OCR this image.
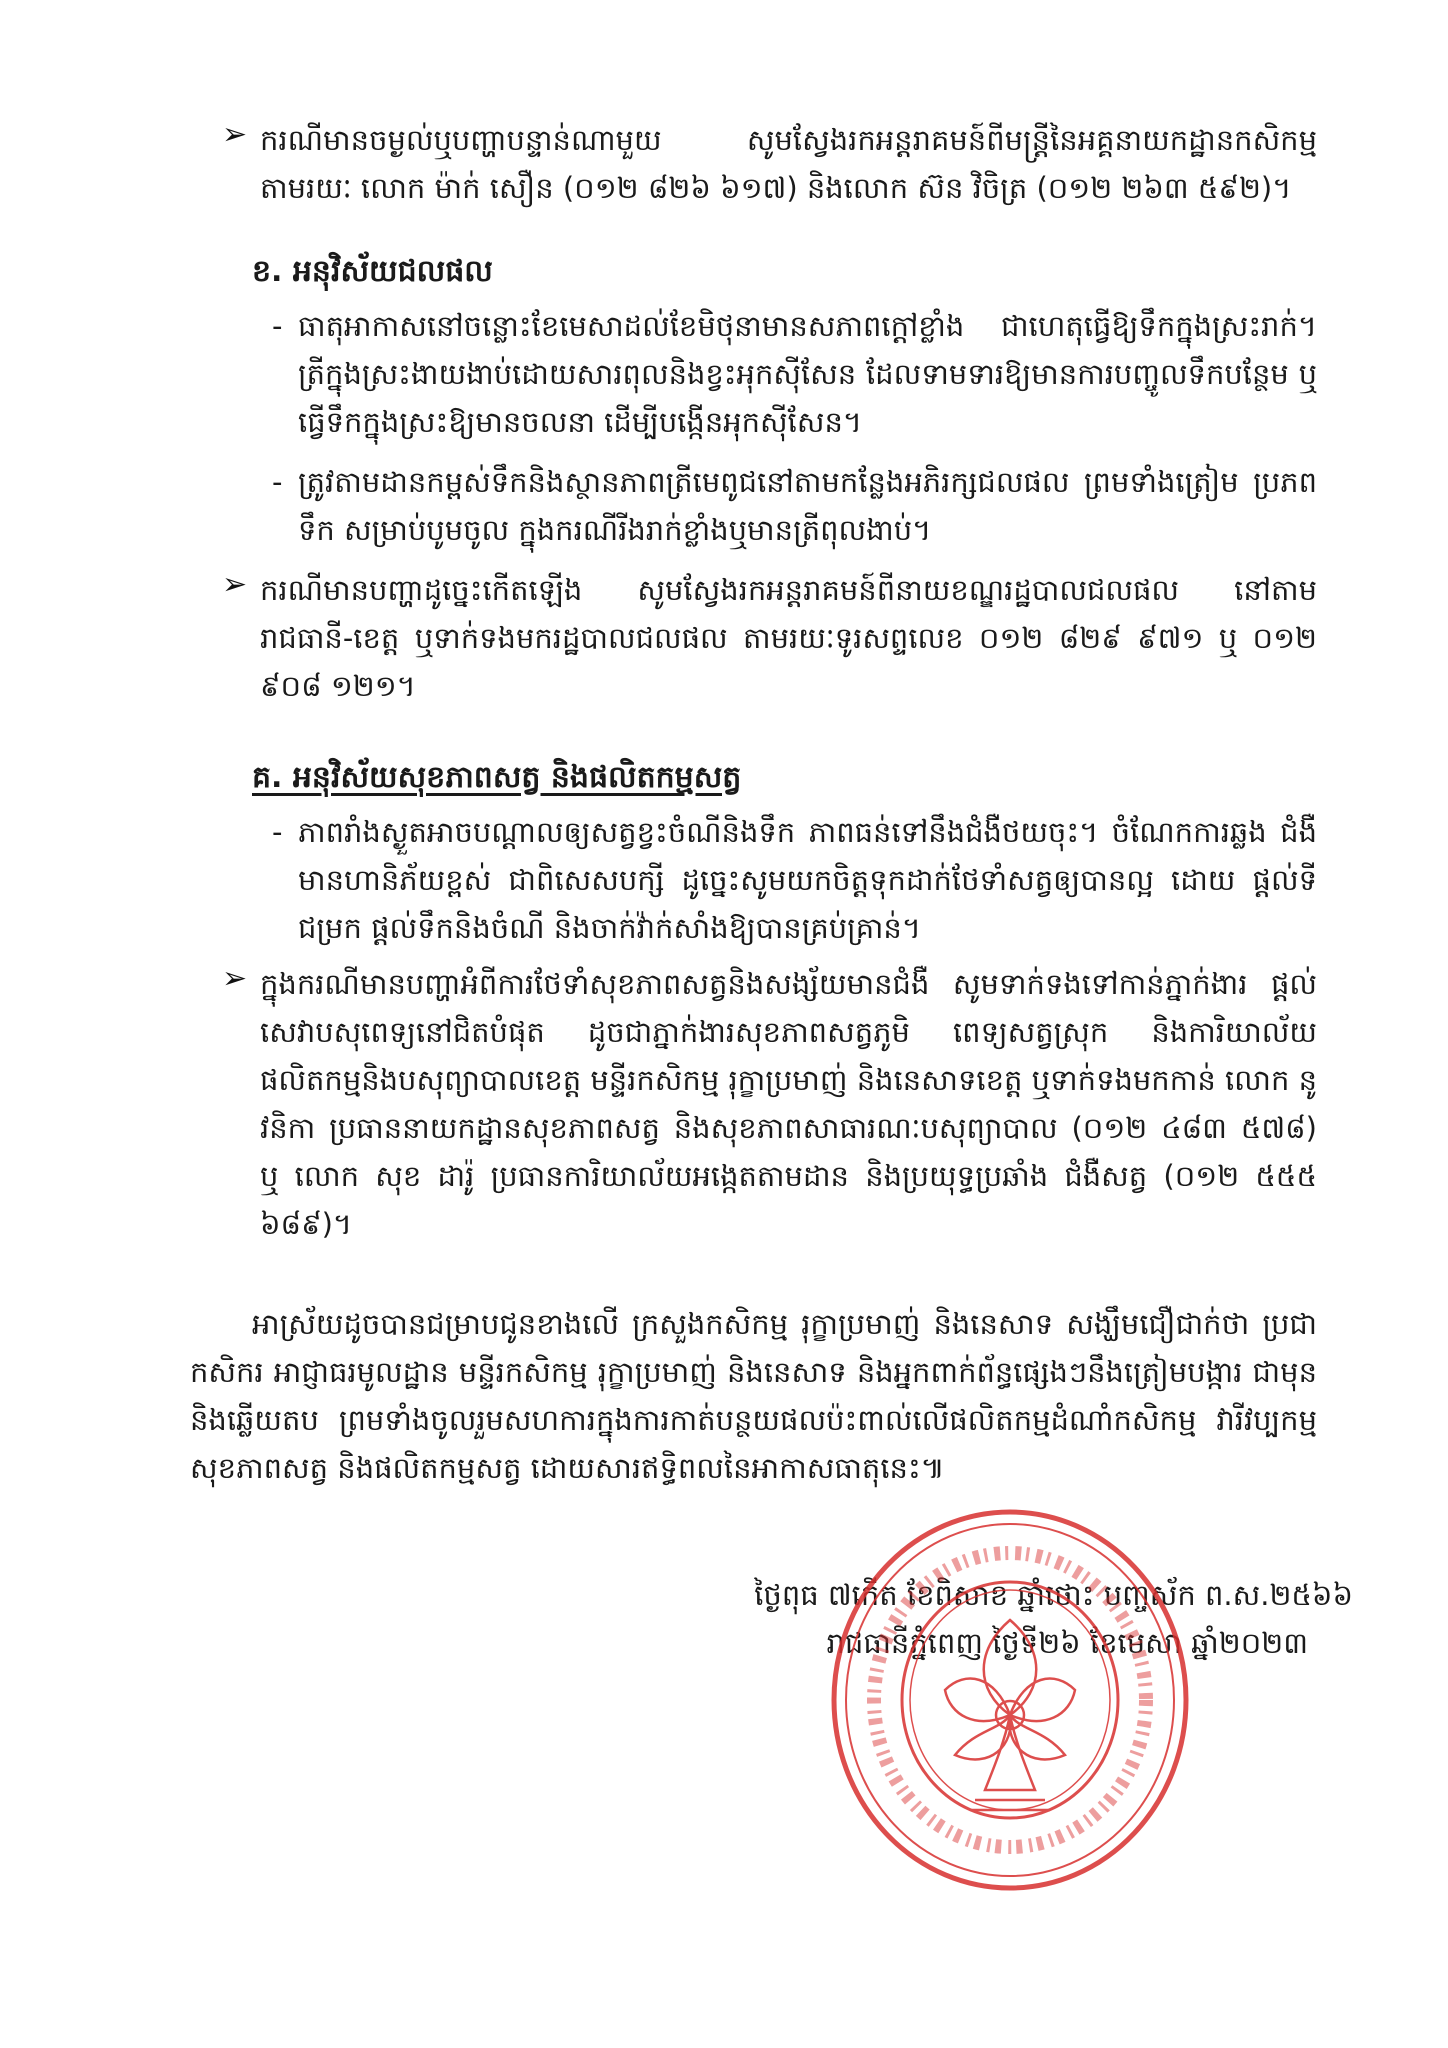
➢ ករណីមានចម្ងល់ឬបញ្ហាបន្ទាន់ណាមួយ សូមស្វែងរកអន្តរាគមន៍ពីមន្ត្រីនៃអគ្គនាយកដ្ឋានកសិកម្ម តាមរយៈ លោក ម៉ាក់ សឿន (០១២ ៨២៦ ៦១៧) និងលោក ស៊ន វិចិត្រ (០១២ ២៦៣ ៥៩២)។
ខ. អនុវិស័យជលផល
- ធាតុអាកាសនៅចន្លោះខែមេសាដល់ខែមិថុនាមានសភាពក្តៅខ្លាំង ជាហេតុធ្វើឱ្យទឹកក្នុងស្រះរាក់។ ត្រីក្នុងស្រះងាយងាប់ដោយសារពុលនិងខ្វះអុកស៊ីសែន ដែលទាមទារឱ្យមានការបញ្ចូលទឹកបន្ថែម ឬធ្វើទឹកក្នុងស្រះឱ្យមានចលនា ដើម្បីបង្កើនអុកស៊ីសែន។
- ត្រូវតាមដានកម្ពស់ទឹកនិងស្ថានភាពត្រីមេពូជនៅតាមកន្លែងអភិរក្សជលផល ព្រមទាំងត្រៀម ប្រភពទឹក សម្រាប់បូមចូល ក្នុងករណីរីងរាក់ខ្លាំងឬមានត្រីពុលងាប់។
➢ ករណីមានបញ្ហាដូច្នេះកើតឡើង សូមស្វែងរកអន្តរាគមន៍ពីនាយខណ្ឌរដ្ឋបាលជលផល នៅតាម រាជធានី-ខេត្ត ឬទាក់ទងមករដ្ឋបាលជលផល តាមរយៈទូរសព្ទលេខ ០១២ ៨២៩ ៩៧១ ឬ ០១២ ៩០៨ ១២១។
គ. អនុវិស័យសុខភាពសត្វ និងផលិតកម្មសត្វ
- ភាពរាំងស្ងួតអាចបណ្តាលឲ្យសត្វខ្វះចំណីនិងទឹក ភាពធន់ទៅនឹងជំងឺថយចុះ។ ចំណែកការឆ្លង ជំងឺមានហានិភ័យខ្ពស់ ជាពិសេសបក្សី ដូច្នេះសូមយកចិត្តទុកដាក់ថែទាំសត្វឲ្យបានល្អ ដោយ ផ្តល់ទីជម្រក ផ្តល់ទឹកនិងចំណី និងចាក់វ៉ាក់សាំងឱ្យបានគ្រប់គ្រាន់។
➢ ក្នុងករណីមានបញ្ហាអំពីការថែទាំសុខភាពសត្វនិងសង្ស័យមានជំងឺ សូមទាក់ទងទៅកាន់ភ្នាក់ងារ ផ្តល់សេវាបសុពេទ្យនៅជិតបំផុត ដូចជាភ្នាក់ងារសុខភាពសត្វភូមិ ពេទ្យសត្វស្រុក និងការិយាល័យ ផលិតកម្មនិងបសុព្យាបាលខេត្ត មន្ទីរកសិកម្ម រុក្ខាប្រមាញ់ និងនេសាទខេត្ត ឬទាក់ទងមកកាន់ លោក នូ វនិកា ប្រធាននាយកដ្ឋានសុខភាពសត្វ និងសុខភាពសាធារណៈបសុព្យាបាល (០១២ ៤៨៣ ៥៧៨) ឬ លោក សុខ ដារ៉ូ ប្រធានការិយាល័យអង្កេតតាមដាន និងប្រយុទ្ធប្រឆាំង ជំងឺសត្វ (០១២ ៥៥៥ ៦៨៩)។
អាស្រ័យដូចបានជម្រាបជូនខាងលើ ក្រសួងកសិកម្ម រុក្ខាប្រមាញ់ និងនេសាទ សង្ឃឹមជឿជាក់ថា ប្រជាកសិករ អាជ្ញាធរមូលដ្ឋាន មន្ទីរកសិកម្ម រុក្ខាប្រមាញ់ និងនេសាទ និងអ្នកពាក់ព័ន្ធផ្សេងៗនឹងត្រៀមបង្ការ ជាមុន និងឆ្លើយតប ព្រមទាំងចូលរួមសហការក្នុងការកាត់បន្ថយផលប៉ះពាល់លើផលិតកម្មដំណាំកសិកម្ម វារីវប្បកម្ម សុខភាពសត្វ និងផលិតកម្មសត្វ ដោយសារឥទ្ធិពលនៃអាកាសធាតុនេះ៕
ថ្ងៃពុធ ៧កើត ខែពិសាខ ឆ្នាំថោះ បញ្ចស័ក ព.ស.២៥៦៦
រាជធានីភ្នំពេញ ថ្ងៃទី២៦ ខែមេសា ឆ្នាំ២០២៣
